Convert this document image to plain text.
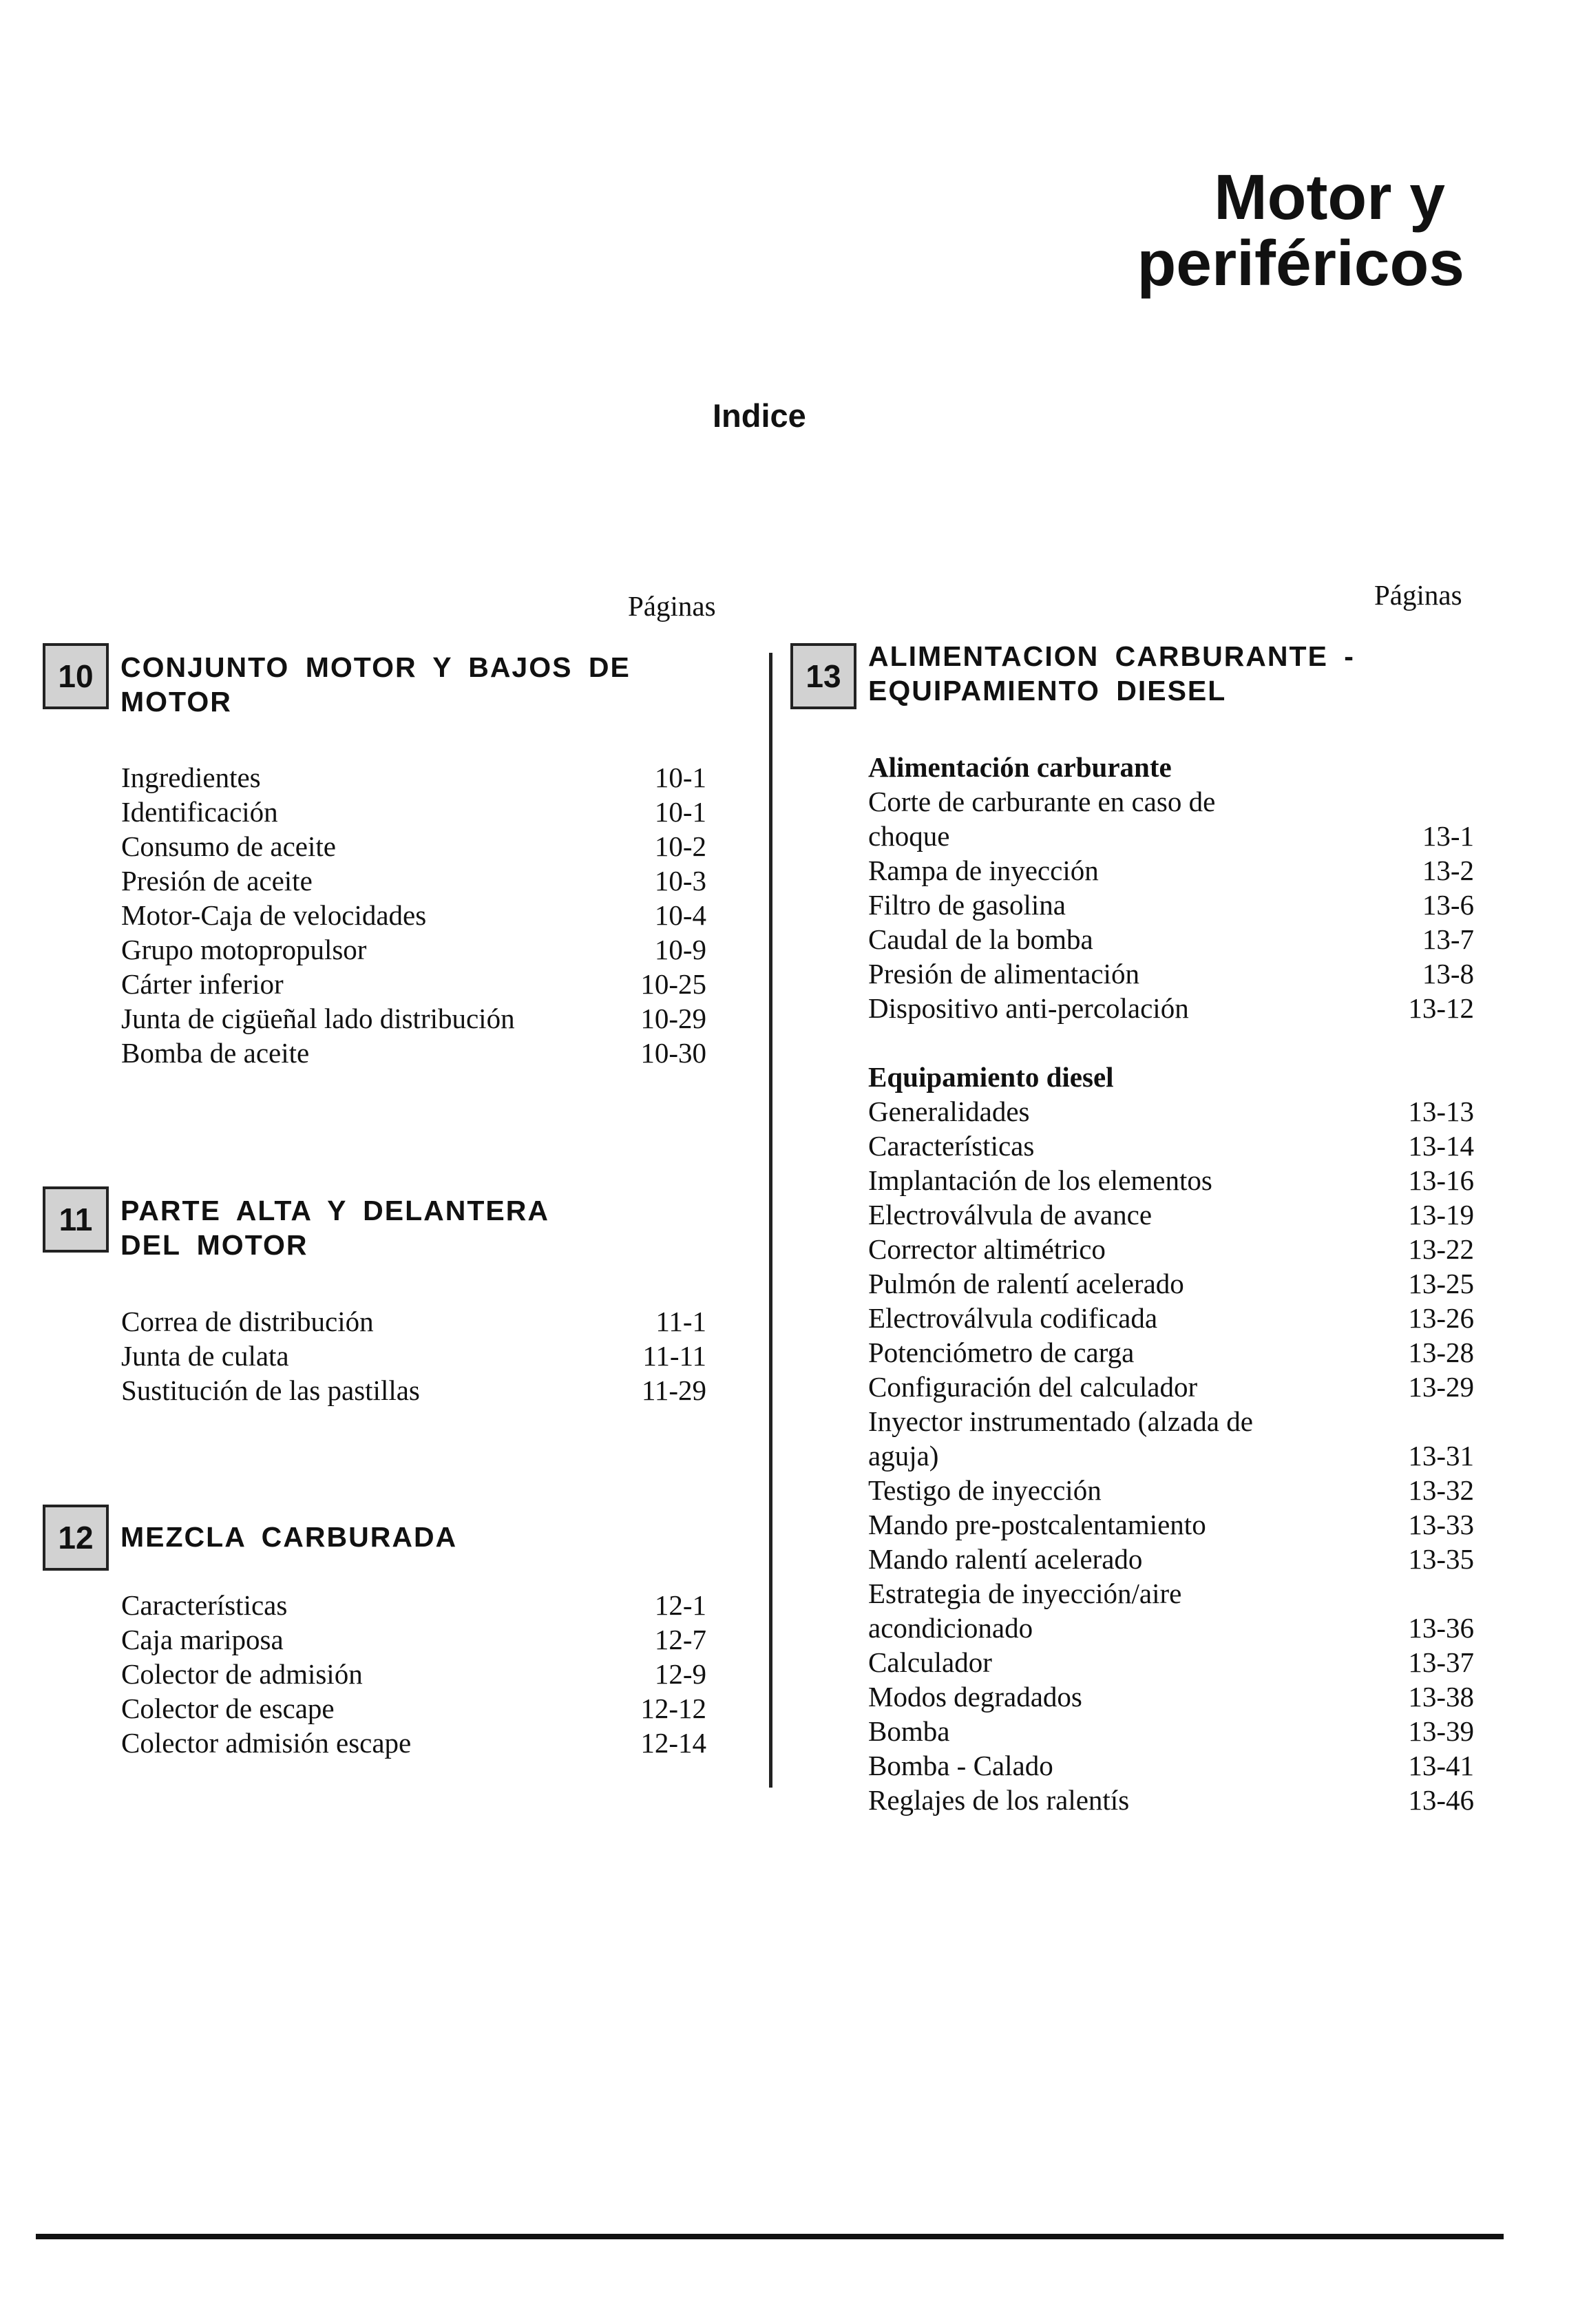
Motor y
periféricos
Indice
Páginas	Páginas
10 CONJUNTO MOTOR Y BAJOS DE
MOTOR
Ingredientes	10-1
Identificación	10-1
Consumo de aceite	10-2
Presión de aceite	10-3
Motor-Caja de velocidades	10-4
Grupo motopropulsor	10-9
Cárter inferior	10-25
Junta de cigüeñal lado distribución	10-29
Bomba de aceite	10-30
11 PARTE ALTA Y DELANTERA
DEL MOTOR
Correa de distribución	11-1
Junta de culata	11-11
Sustitución de las pastillas	11-29
12 MEZCLA CARBURADA
Características	12-1
Caja mariposa	12-7
Colector de admisión	12-9
Colector de escape	12-12
Colector admisión escape	12-14
13
ALIMENTACION CARBURANTE -
EQUIPAMIENTO DIESEL
Alimentación carburante
Corte de carburante en caso de
choque	13-1
Rampa de inyección	13-2
Filtro de gasolina	13-6
Caudal de la bomba	13-7
Presión de alimentación	13-8
Dispositivo anti-percolación	13-12
Equipamiento diesel
Generalidades	13-13
Características	13-14
Implantación de los elementos	13-16
Electroválvula de avance	13-19
Corrector altimétrico	13-22
Pulmón de ralentí acelerado	13-25
Electroválvula codificada	13-26
Potenciómetro de carga	13-28
Configuración del calculador	13-29
Inyector instrumentado (alzada de
aguja)	13-31
Testigo de inyección	13-32
Mando pre-postcalentamiento	13-33
Mando ralentí acelerado	13-35
Estrategia de inyección/aire
acondicionado	13-36
Calculador	13-37
Modos degradados	13-38
Bomba	13-39
Bomba - Calado	13-41
Reglajes de los ralentís	13-46
